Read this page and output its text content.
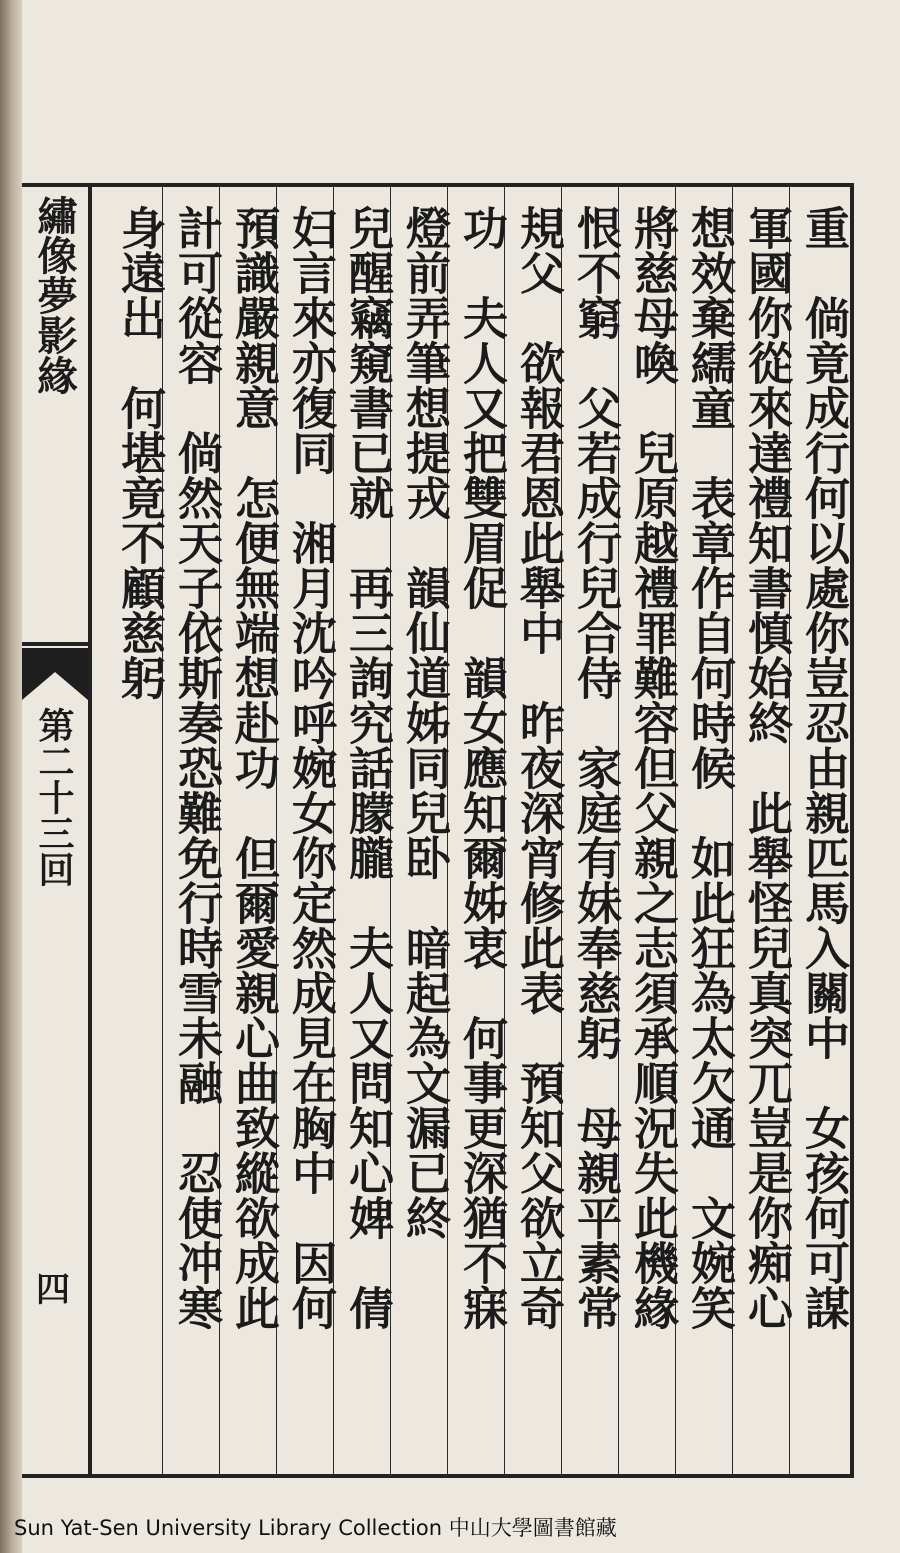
繡像夢影緣
第二十三回
四	重　倘竟成行何以處你豈忍由親匹馬入關中　女孩何可謀
軍國你從來達禮知書慎始終　此舉怪兒真突兀豈是你痴心
想效棄繻童　表章作自何時候　如此狂為太欠通　文婉笑
將慈母喚　兒原越禮罪難容但父親之志須承順況失此機緣
恨不窮　父若成行兒合侍　家庭有妹奉慈躬　母親平素常
規父　欲報君恩此舉中　昨夜深宵修此表　預知父欲立奇
功　夫人又把雙眉促　韻女應知爾姊衷　何事更深猶不寐
燈前弄筆想提戎　韻仙道姊同兒卧　暗起為文漏已終
兒醒竊窺書已就　再三詢究話朦朧　夫人又問知心婢　倩
妇言來亦復同　湘月沈吟呼婉女你定然成見在胸中　因何
預識嚴親意　怎便無端想赴功　但爾愛親心曲致縱欲成此
計可從容　倘然天子依斯奏恐難免行時雪未融　忍使冲寒
身遠出　何堪竟不顧慈躬
Sun Yat-Sen University Library Collection 中山大學圖書館藏
